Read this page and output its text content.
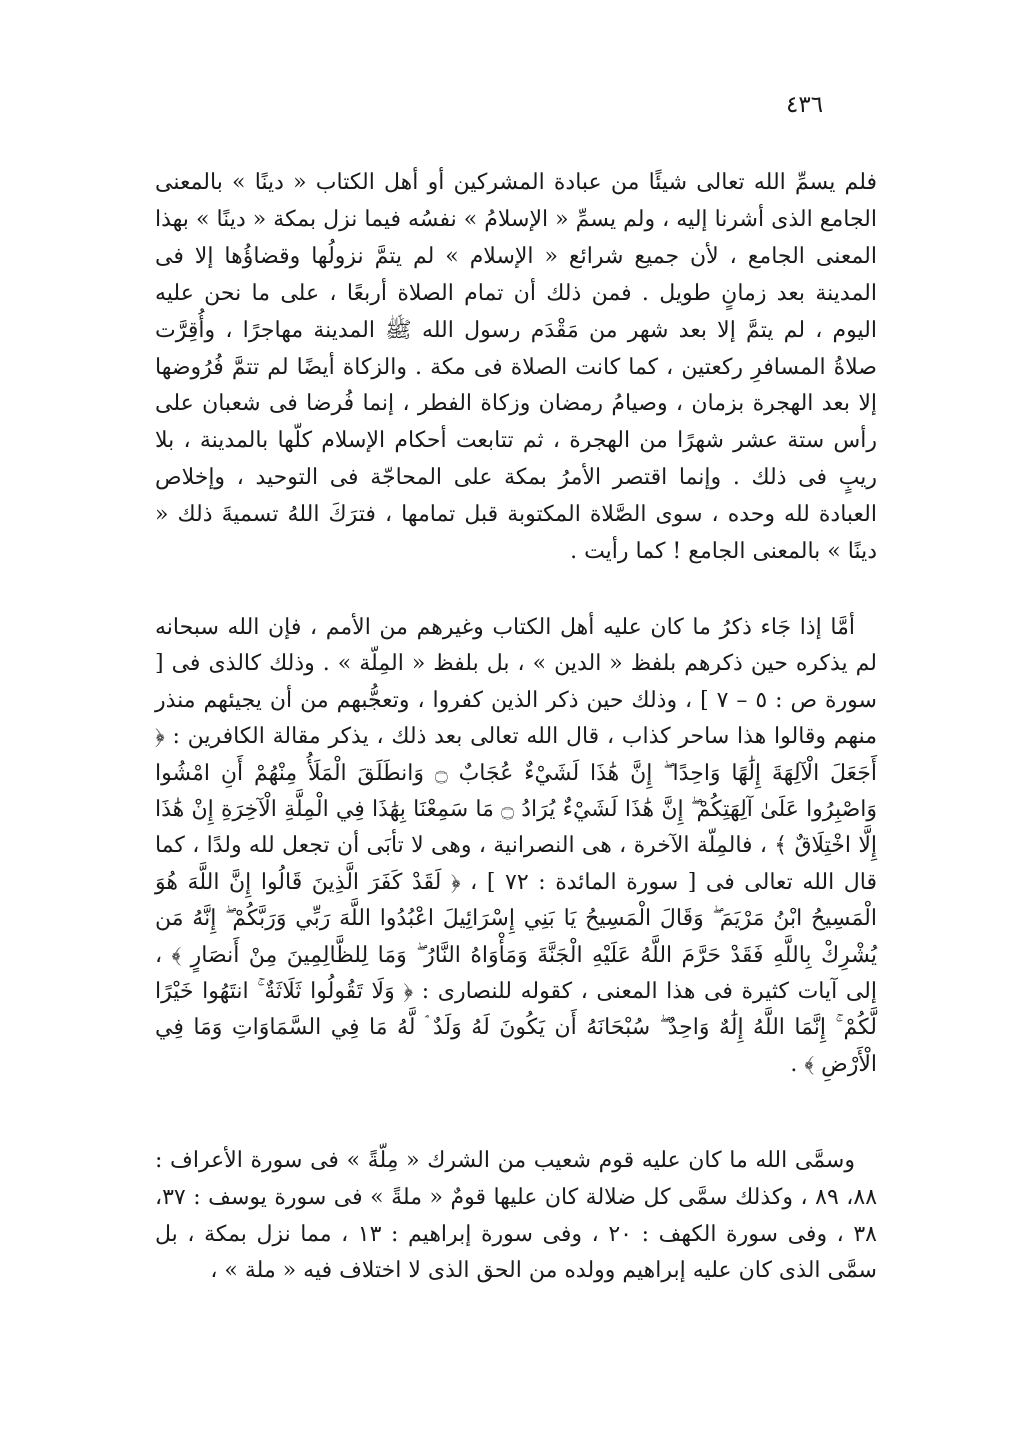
٤٣٦

فلم يسمِّ الله تعالى شيئًا من عبادة المشركين أو أهل الكتاب « دينًا » بالمعنى الجامع الذى أشرنا إليه ، ولم يسمِّ « الإسلامُ » نفسُه فيما نزل بمكة « دينًا » بهذا المعنى الجامع ، لأن جميع شرائع « الإسلام » لم يتمَّ نزولُها وقضاؤُها إلا فى المدينة بعد زمانٍ طويل . فمن ذلك أن تمام الصلاة أربعًا ، على ما نحن عليه اليوم ، لم يتمَّ إلا بعد شهر من مَقْدَم رسول الله ﷺ المدينة مهاجرًا ، وأُقِرَّت صلاةُ المسافرِ ركعتين ، كما كانت الصلاة فى مكة . والزكاة أيضًا لم تتمَّ فُرُوضها إلا بعد الهجرة بزمان ، وصيامُ رمضان وزكاة الفطر ، إنما فُرضا فى شعبان على رأس ستة عشر شهرًا من الهجرة ، ثم تتابعت أحكام الإسلام كلّها بالمدينة ، بلا ريبٍ فى ذلك . وإنما اقتصر الأمرُ بمكة على المحاجّة فى التوحيد ، وإخلاص العبادة لله وحده ، سوى الصَّلاة المكتوبة قبل تمامها ، فترَكَ اللهُ تسميةَ ذلك « دينًا » بالمعنى الجامع ! كما رأيت .

أمَّا إذا جَاء ذكرُ ما كان عليه أهل الكتاب وغيرهم من الأمم ، فإن الله سبحانه لم يذكره حين ذكرهم بلفظ « الدين » ، بل بلفظ « المِلّة » . وذلك كالذى فى [ سورة ص : ٥ – ٧ ] ، وذلك حين ذكر الذين كفروا ، وتعجُّبهم من أن يجيئهم منذر منهم وقالوا هذا ساحر كذاب ، قال الله تعالى بعد ذلك ، يذكر مقالة الكافرين : ﴿ أَجَعَلَ الْآلِهَةَ إِلَٰهًا وَاحِدًا ۖ إِنَّ هَٰذَا لَشَيْءٌ عُجَابٌ ۝ وَانطَلَقَ الْمَلَأُ مِنْهُمْ أَنِ امْشُوا وَاصْبِرُوا عَلَىٰ آلِهَتِكُمْ ۖ إِنَّ هَٰذَا لَشَيْءٌ يُرَادُ ۝ مَا سَمِعْنَا بِهَٰذَا فِي الْمِلَّةِ الْآخِرَةِ إِنْ هَٰذَا إِلَّا اخْتِلَاقٌ ﴾ ، فالمِلّة الآخرة ، هى النصرانية ، وهى لا تأبَى أن تجعل لله ولدًا ، كما قال الله تعالى فى [ سورة المائدة : ٧٢ ] ، ﴿ لَقَدْ كَفَرَ الَّذِينَ قَالُوا إِنَّ اللَّهَ هُوَ الْمَسِيحُ ابْنُ مَرْيَمَ ۖ وَقَالَ الْمَسِيحُ يَا بَنِي إِسْرَائِيلَ اعْبُدُوا اللَّهَ رَبِّي وَرَبَّكُمْ ۖ إِنَّهُ مَن يُشْرِكْ بِاللَّهِ فَقَدْ حَرَّمَ اللَّهُ عَلَيْهِ الْجَنَّةَ وَمَأْوَاهُ النَّارُ ۖ وَمَا لِلظَّالِمِينَ مِنْ أَنصَارٍ ﴾ ، إلى آيات كثيرة فى هذا المعنى ، كقوله للنصارى : ﴿ وَلَا تَقُولُوا ثَلَاثَةٌ ۚ انتَهُوا خَيْرًا لَّكُمْ ۚ إِنَّمَا اللَّهُ إِلَٰهٌ وَاحِدٌ ۖ سُبْحَانَهُ أَن يَكُونَ لَهُ وَلَدٌ ۘ لَّهُ مَا فِي السَّمَاوَاتِ وَمَا فِي الْأَرْضِ ﴾ .

وسمَّى الله ما كان عليه قوم شعيب من الشرك « مِلّةً » فى سورة الأعراف : ٨٨، ٨٩ ، وكذلك سمَّى كل ضلالة كان عليها قومٌ « ملةً » فى سورة يوسف : ٣٧، ٣٨ ، وفى سورة الكهف : ٢٠ ، وفى سورة إبراهيم : ١٣ ، مما نزل بمكة ، بل سمَّى الذى كان عليه إبراهيم وولده من الحق الذى لا اختلاف فيه « ملة » ،
